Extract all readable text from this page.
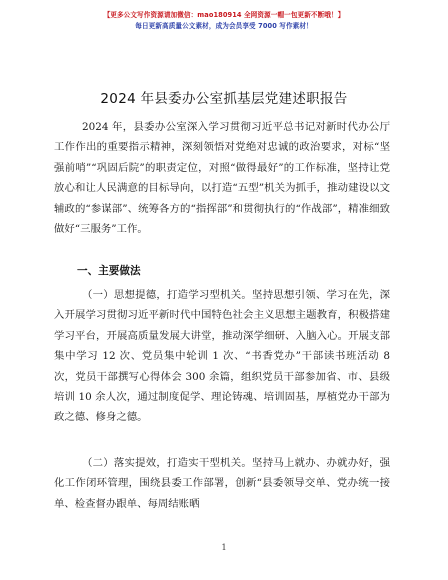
【更多公文写作资源请加微信：mao180914 全网资源一帽一包更新不断哦！】
每日更新高质量公文素材，成为会员享受 7000 写作素材！
2024 年县委办公室抓基层党建述职报告
2024 年，县委办公室深入学习贯彻习近平总书记对新时代办公厅工作作出的重要指示精神，深刻领悟对党绝对忠诚的政治要求，对标“坚强前哨”“巩固后院”的职责定位，对照“做得最好”的工作标准，坚持让党放心和让人民满意的目标导向，以打造“五型”机关为抓手，推动建设以文辅政的“参谋部”、统筹各方的“指挥部”和贯彻执行的“作战部”，精准细致做好“三服务”工作。
一、主要做法
（一）思想提德，打造学习型机关。坚持思想引领、学习在先，深入开展学习贯彻习近平新时代中国特色社会主义思想主题教育，积极搭建学习平台，开展高质量发展大讲堂，推动深学细研、入脑入心。开展支部集中学习 12 次、党员集中轮训 1 次、“书香党办”干部读书班活动 8 次，党员干部撰写心得体会 300 余篇，组织党员干部参加省、市、县级培训 10 余人次，通过制度促学、理论铸魂、培训固基，厚植党办干部为政之德、修身之德。
（二）落实提效，打造实干型机关。坚持马上就办、办就办好，强化工作闭环管理，围绕县委工作部署，创新“县委领导交单、党办统一接单、检查督办跟单、每周结账晒
1
